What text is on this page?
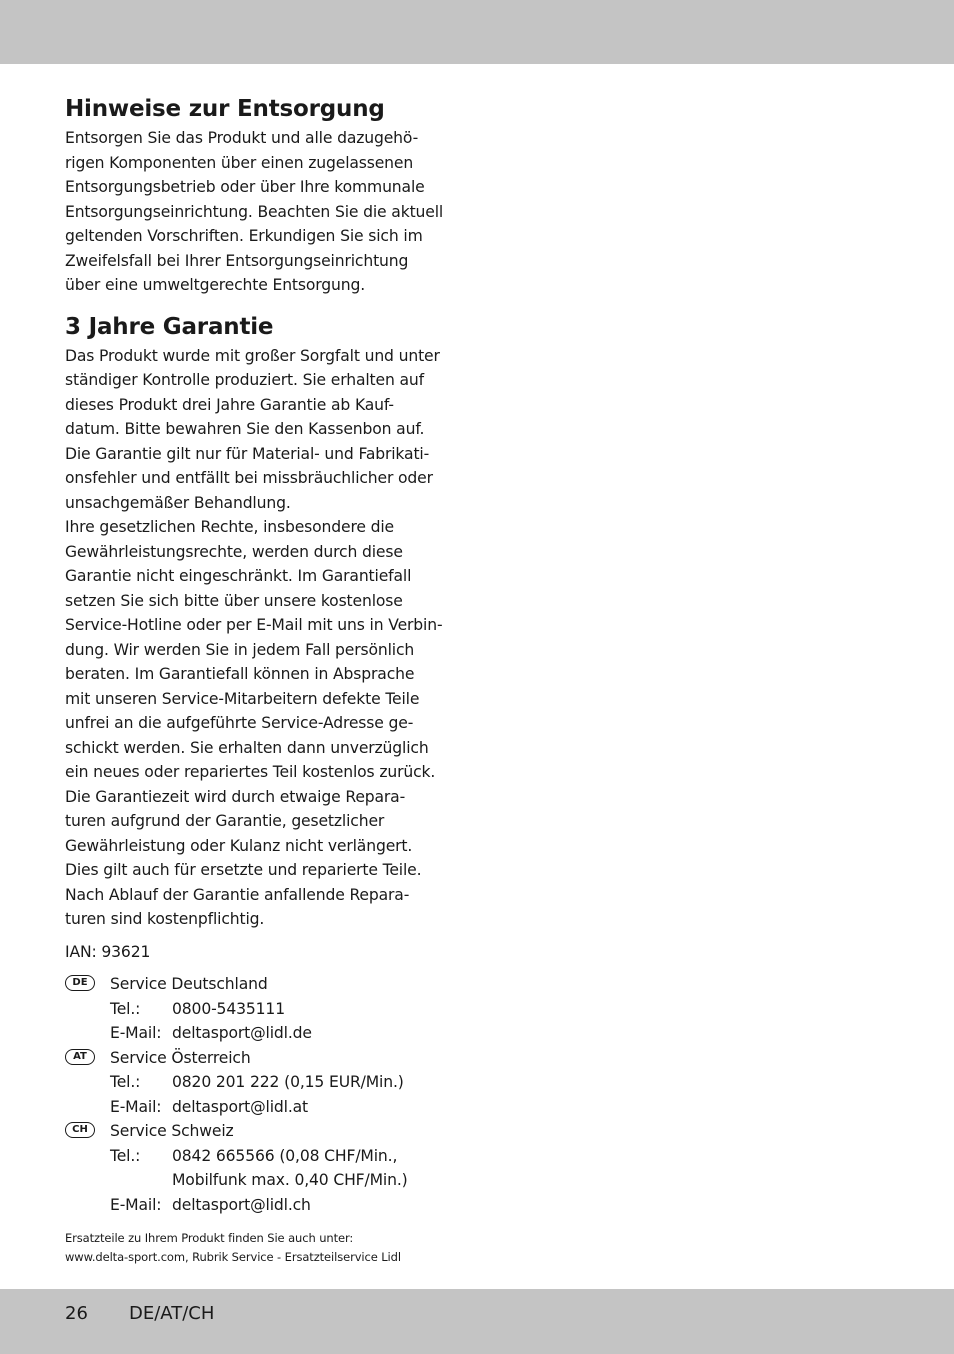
Hinweise zur Entsorgung
Entsorgen Sie das Produkt und alle dazugehö-
rigen Komponenten über einen zugelassenen
Entsorgungsbetrieb oder über Ihre kommunale
Entsorgungseinrichtung. Beachten Sie die aktuell
geltenden Vorschriften. Erkundigen Sie sich im
Zweifelsfall bei Ihrer Entsorgungseinrichtung
über eine umweltgerechte Entsorgung.
3 Jahre Garantie
Das Produkt wurde mit großer Sorgfalt und unter
ständiger Kontrolle produziert. Sie erhalten auf
dieses Produkt drei Jahre Garantie ab Kauf-
datum. Bitte bewahren Sie den Kassenbon auf.
Die Garantie gilt nur für Material- und Fabrikati-
onsfehler und entfällt bei missbräuchlicher oder
unsachgemäßer Behandlung.
Ihre gesetzlichen Rechte, insbesondere die
Gewährleistungsrechte, werden durch diese
Garantie nicht eingeschränkt. Im Garantiefall
setzen Sie sich bitte über unsere kostenlose
Service-Hotline oder per E-Mail mit uns in Verbin-
dung. Wir werden Sie in jedem Fall persönlich
beraten. Im Garantiefall können in Absprache
mit unseren Service-Mitarbeitern defekte Teile
unfrei an die aufgeführte Service-Adresse ge-
schickt werden. Sie erhalten dann unverzüglich
ein neues oder repariertes Teil kostenlos zurück.
Die Garantiezeit wird durch etwaige Repara-
turen aufgrund der Garantie, gesetzlicher
Gewährleistung oder Kulanz nicht verlängert.
Dies gilt auch für ersetzte und reparierte Teile.
Nach Ablauf der Garantie anfallende Repara-
turen sind kostenpflichtig.
IAN: 93621
DE	Service Deutschland
Tel.: 0800-5435111
E-Mail: deltasport@lidl.de
AT	Service Österreich
Tel.: 0820 201 222 (0,15 EUR/Min.)
E-Mail: deltasport@lidl.at
CH	Service Schweiz
Tel.: 0842 665566 (0,08 CHF/Min.,
Mobilfunk max. 0,40 CHF/Min.)
E-Mail: deltasport@lidl.ch
Ersatzteile zu Ihrem Produkt finden Sie auch unter:
www.delta-sport.com, Rubrik Service - Ersatzteilservice Lidl
26 DE/AT/CH
